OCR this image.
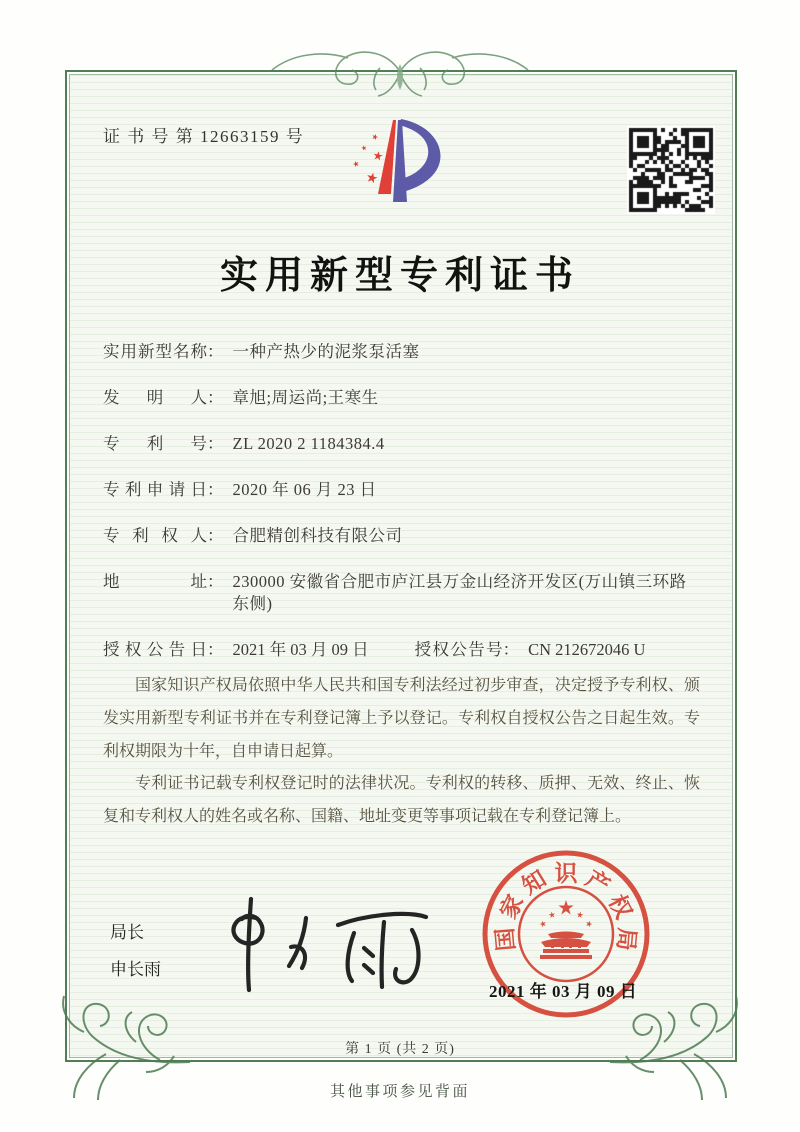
证 书 号 第 12663159 号
实用新型专利证书
实用新型名称 ： 一种产热少的泥浆泵活塞
发明人 ： 章旭;周运尚;王寒生
专利号 ： ZL 2020 2 1184384.4
专利申请日 ： 2020 年 06 月 23 日
专利权人 ： 合肥精创科技有限公司
地址 ： 230000 安徽省合肥市庐江县万金山经济开发区(万山镇三环路东侧)
授权公告日 ： 2021 年 03 月 09 日	授权公告号 ： CN 212672046 U

国家知识产权局依照中华人民共和国专利法经过初步审查，决定授予专利权、颁发实用新型专利证书并在专利登记簿上予以登记。专利权自授权公告之日起生效。专利权期限为十年，自申请日起算。

专利证书记载专利权登记时的法律状况。专利权的转移、质押、无效、终止、恢复和专利权人的姓名或名称、国籍、地址变更等事项记载在专利登记簿上。

局长
申长雨
国
家
知 识 产
权
局
2021 年 03 月 09 日
第 1 页 (共 2 页)
其他事项参见背面
